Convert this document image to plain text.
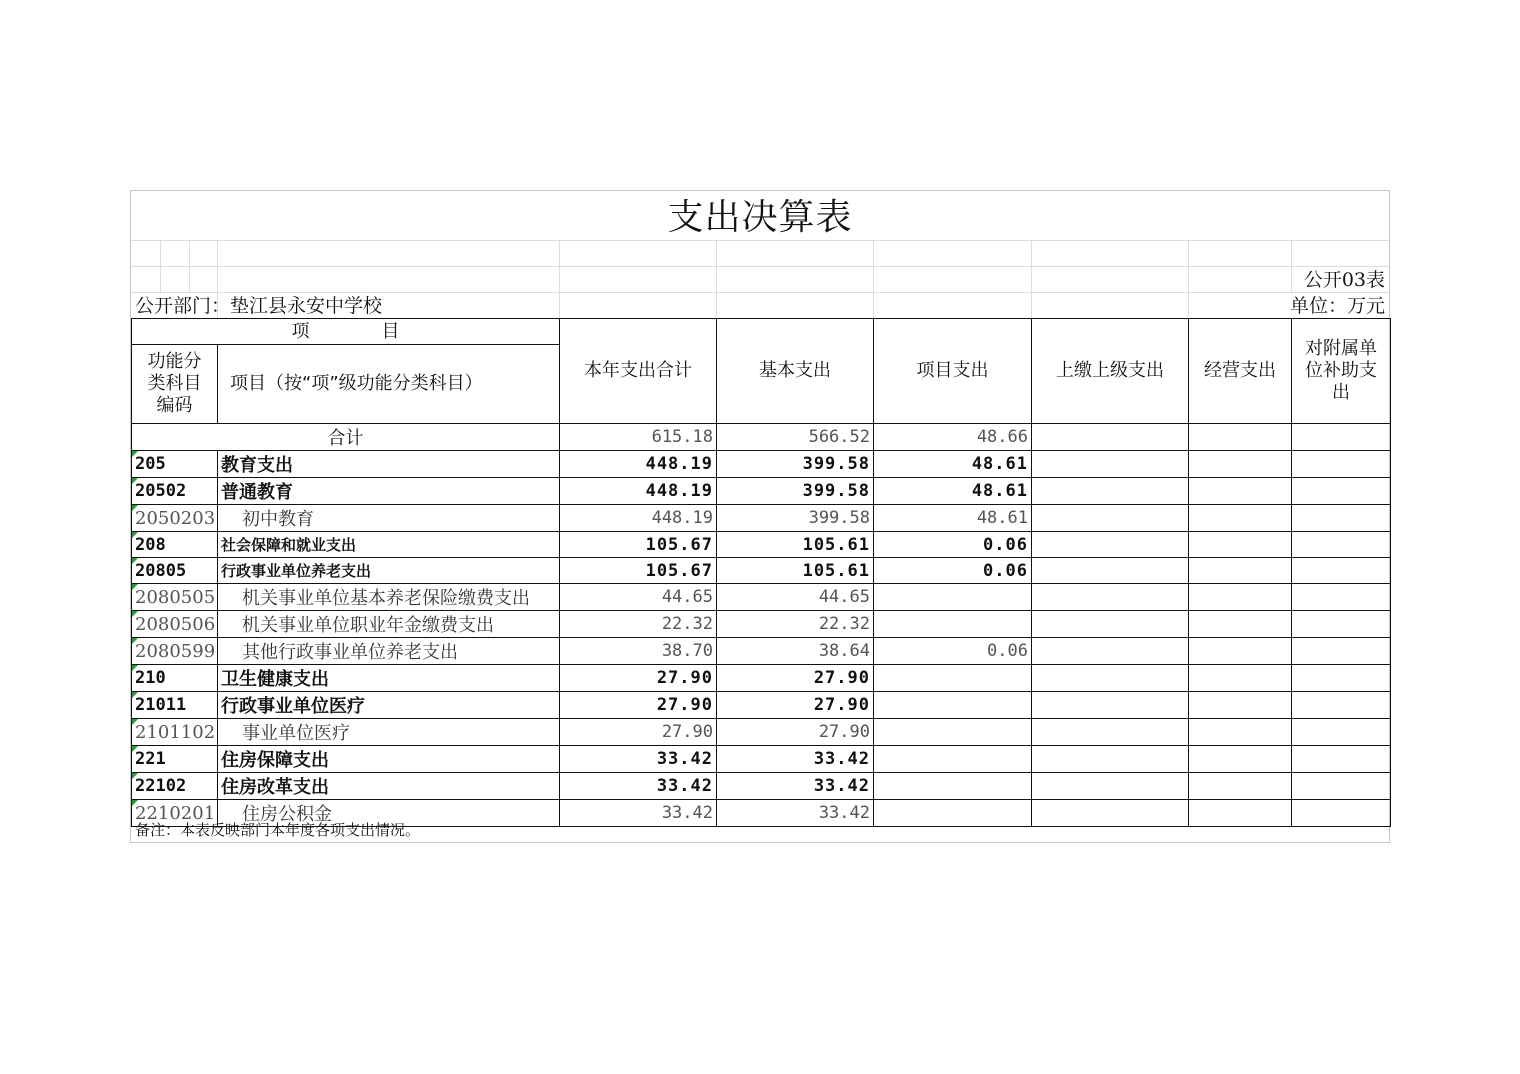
支出决算表
公开03表
公开部门：垫江县永安中学校	单位：万元
项　　　　目		本年支出合计	基本支出	项目支出	上缴上级支出	经营支出	对附属单位补助支出
功能分类科目编码	项目（按“项”级功能分类科目）						
合计		615.18	566.52	48.66			

205	教育支出	448.19	399.58	48.61			

20502	普通教育	448.19	399.58	48.61			

2050203	初中教育	448.19	399.58	48.61			

208	社会保障和就业支出	105.67	105.61	0.06			

20805	行政事业单位养老支出	105.67	105.61	0.06			

2080505	机关事业单位基本养老保险缴费支出	44.65	44.65				

2080506	机关事业单位职业年金缴费支出	22.32	22.32				

2080599	其他行政事业单位养老支出	38.70	38.64	0.06			

210	卫生健康支出	27.90	27.90				

21011	行政事业单位医疗	27.90	27.90				

2101102	事业单位医疗	27.90	27.90				

221	住房保障支出	33.42	33.42				

22102	住房改革支出	33.42	33.42				

2210201	住房公积金	33.42	33.42				
备注：本表反映部门本年度各项支出情况。
